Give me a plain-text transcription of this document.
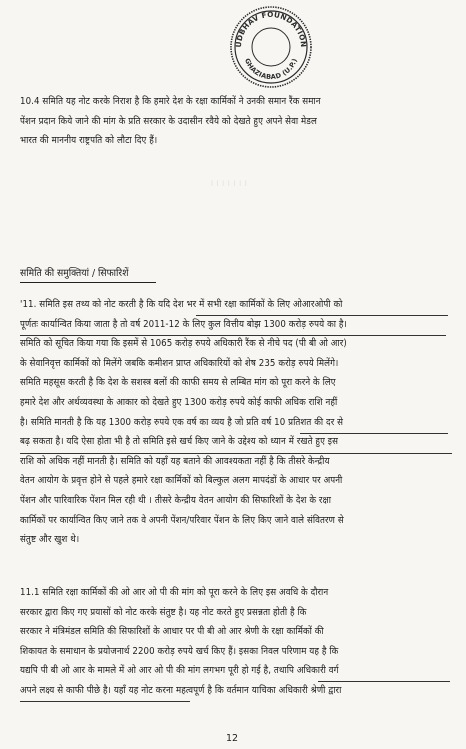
UDBHAV FOUNDATION
GHAZIABAD (U.P.)
10.4 समिति यह नोट करके निराश है कि हमारे देश के रक्षा कार्मिकों ने उनकी समान रैंक समान
पेंशन प्रदान किये जाने की मांग के प्रति सरकार के उदासीन रवैये को देखते हुए अपने सेवा मेडल
भारत की माननीय राष्ट्रपति को लौटा दिए हैं।
। । । । । । ।
समिति की समुक्तियां / सिफारिशें
'11. समिति इस तथ्य को नोट करती है कि यदि देश भर में सभी रक्षा कार्मिकों के लिए ओआरओपी को
पूर्णतः कार्यान्वित किया जाता है तो वर्ष 2011-12 के लिए कुल वित्तीय बोझ 1300 करोड़ रुपये का है।
समिति को सूचित किया गया कि इसमें से 1065 करोड़ रुपये अधिकारी रैंक से नीचे पद (पी बी ओ आर)
के सेवानिवृत्त कार्मिकों को मिलेंगे जबकि कमीशन प्राप्त अधिकारियों को शेष 235 करोड़ रुपये मिलेंगे।
समिति महसूस करती है कि देश के सशस्त्र बलों की काफी समय से लम्बित मांग को पूरा करने के लिए
हमारे देश और अर्थव्यवस्था के आकार को देखते हुए 1300 करोड़ रुपये कोई काफी अधिक राशि नहीं
है। समिति मानती है कि यह 1300 करोड़ रुपये एक वर्ष का व्यय है जो प्रति वर्ष 10 प्रतिशत की दर से
बढ़ सकता है। यदि ऐसा होता भी है तो समिति इसे खर्च किए जाने के उद्देश्य को ध्यान में रखते हुए इस
राशि को अधिक नहीं मानती है। समिति को यहाँ यह बताने की आवश्यकता नहीं है कि तीसरे केन्द्रीय
वेतन आयोग के प्रवृत्त होने से पहले हमारे रक्षा कार्मिकों को बिल्कुल अलग मापदंडों के आधार पर अपनी
पेंशन और पारिवारिक पेंशन मिल रही थी । तीसरे केन्द्रीय वेतन आयोग की सिफारिशों के देश के रक्षा
कार्मिकों पर कार्यान्वित किए जाने तक वे अपनी पेंशन/परिवार पेंशन के लिए किए जाने वाले संवितरण से
संतुष्ट और खुश थे।
11.1 समिति रक्षा कार्मिकों की ओ आर ओ पी की मांग को पूरा करने के लिए इस अवधि के दौरान
सरकार द्वारा किए गए प्रयासों को नोट करके संतुष्ट है। यह नोट करते हुए प्रसन्नता होती है कि
सरकार ने मंत्रिमंडल समिति की सिफारिशों के आधार पर पी बी ओ आर श्रेणी के रक्षा कार्मिकों की
शिकायत के समाधान के प्रयोजनार्थ 2200 करोड़ रुपये खर्च किए हैं। इसका निवल परिणाम यह है कि
यद्यपि पी बी ओ आर के मामले में ओ आर ओ पी की मांग लगभग पूरी हो गई है, तथापि अधिकारी वर्ग
अपने लक्ष्य से काफी पीछे है। यहाँ यह नोट करना महत्वपूर्ण है कि वर्तमान याचिका अधिकारी श्रेणी द्वारा
12
